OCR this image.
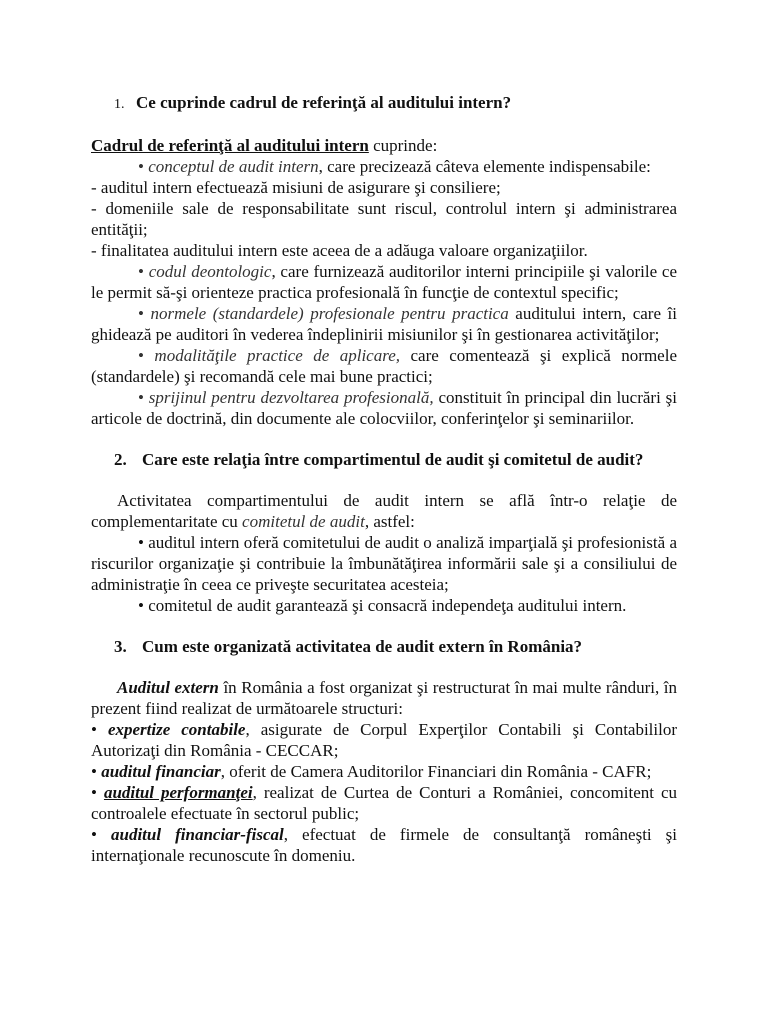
1. Ce cuprinde cadrul de referinţă al auditului intern?

Cadrul de referinţă al auditului intern cuprinde:

• conceptul de audit intern, care precizează câteva elemente indispensabile:

- auditul intern efectuează misiuni de asigurare şi consiliere;

- domeniile sale de responsabilitate sunt riscul, controlul intern şi administrarea entităţii;

- finalitatea auditului intern este aceea de a adăuga valoare organizaţiilor.

• codul deontologic, care furnizează auditorilor interni principiile şi valorile ce le permit să-şi orienteze practica profesională în funcţie de contextul specific;

• normele (standardele) profesionale pentru practica auditului intern, care îi ghidează pe auditori în vederea îndeplinirii misiunilor şi în gestionarea activităţilor;

• modalităţile practice de aplicare, care comentează şi explică normele (standardele) şi recomandă cele mai bune practici;

• sprijinul pentru dezvoltarea profesională, constituit în principal din lucrări şi articole de doctrină, din documente ale colocviilor, conferinţelor şi seminariilor.

2. Care este relaţia între compartimentul de audit şi comitetul de audit?

Activitatea compartimentului de audit intern se află într-o relaţie de complementaritate cu comitetul de audit, astfel:

• auditul intern oferă comitetului de audit o analiză imparţială şi profesionistă a riscurilor organizaţie şi contribuie la îmbunătăţirea informării sale şi a consiliului de administraţie în ceea ce priveşte securitatea acesteia;

• comitetul de audit garantează şi consacră independeţa auditului intern.

3. Cum este organizată activitatea de audit extern în România?

Auditul extern în România a fost organizat şi restructurat în mai multe rânduri, în prezent fiind realizat de următoarele structuri:

• expertize contabile, asigurate de Corpul Experţilor Contabili şi Contabililor Autorizaţi din România - CECCAR;

• auditul financiar, oferit de Camera Auditorilor Financiari din România - CAFR;

• auditul performanţei, realizat de Curtea de Conturi a României, concomitent cu controalele efectuate în sectorul public;

• auditul financiar-fiscal, efectuat de firmele de consultanţă româneşti şi internaţionale recunoscute în domeniu.
